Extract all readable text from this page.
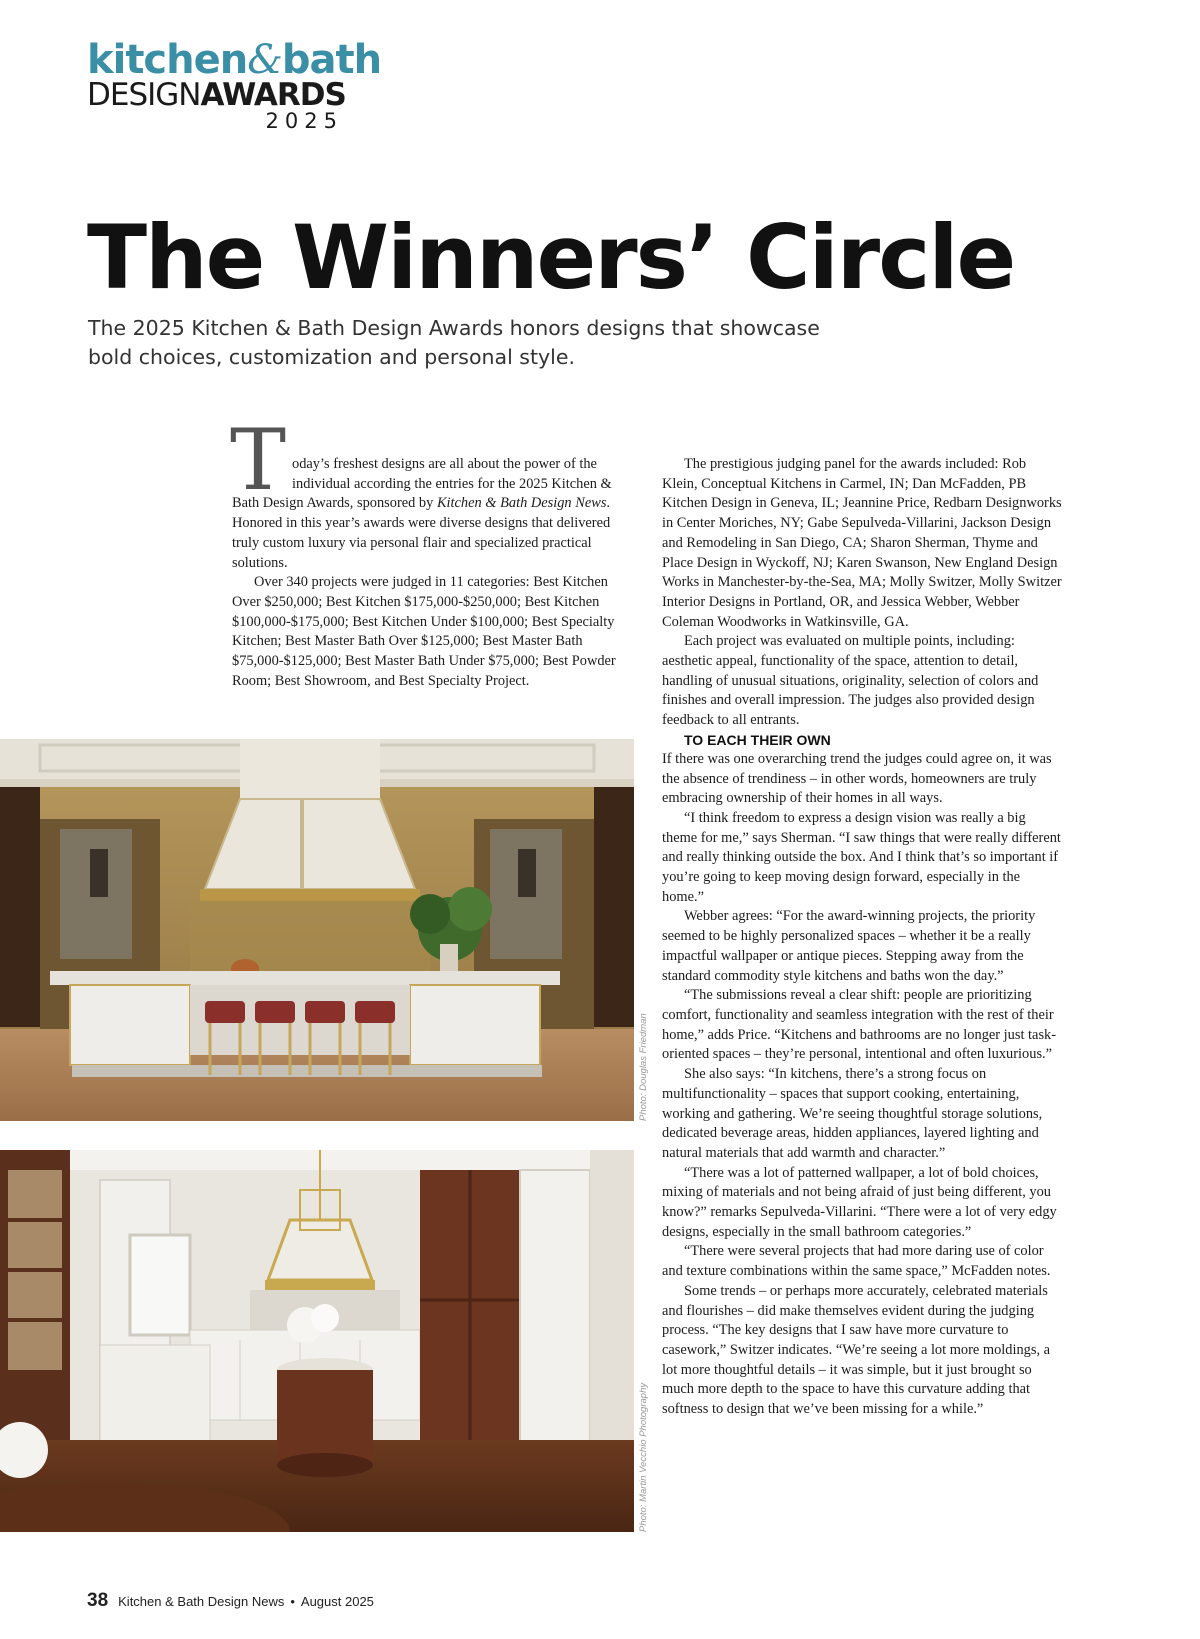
kitchen&bath
DESIGNAWARDS
2025
The Winners’ Circle

The 2025 Kitchen & Bath Design Awards honors designs that showcase bold choices, customization and personal style.

Today’s freshest designs are all about the power of the individual according the entries for the 2025 Kitchen & Bath Design Awards, sponsored by Kitchen & Bath Design News. Honored in this year’s awards were diverse designs that delivered truly custom luxury via personal flair and specialized practical solutions.

Over 340 projects were judged in 11 categories: Best Kitchen Over $250,000; Best Kitchen $175,000-$250,000; Best Kitchen $100,000-$175,000; Best Kitchen Under $100,000; Best Specialty Kitchen; Best Master Bath Over $125,000; Best Master Bath $75,000-$125,000; Best Master Bath Under $75,000; Best Powder Room; Best Showroom, and Best Specialty Project.

The prestigious judging panel for the awards included: Rob Klein, Conceptual Kitchens in Carmel, IN; Dan McFadden, PB Kitchen Design in Geneva, IL; Jeannine Price, Redbarn Designworks in Center Moriches, NY; Gabe Sepulveda-Villarini, Jackson Design and Remodeling in San Diego, CA; Sharon Sherman, Thyme and Place Design in Wyckoff, NJ; Karen Swanson, New England Design Works in Manchester-by-the-Sea, MA; Molly Switzer, Molly Switzer Interior Designs in Portland, OR, and Jessica Webber, Webber Coleman Woodworks in Watkinsville, GA.

Each project was evaluated on multiple points, including: aesthetic appeal, functionality of the space, attention to detail, handling of unusual situations, originality, selection of colors and finishes and overall impression. The judges also provided design feedback to all entrants.

TO EACH THEIR OWN

If there was one overarching trend the judges could agree on, it was the absence of trendiness – in other words, homeowners are truly embracing ownership of their homes in all ways.

“I think freedom to express a design vision was really a big theme for me,” says Sherman. “I saw things that were really different and really thinking outside the box. And I think that’s so important if you’re going to keep moving design forward, especially in the home.”

Webber agrees: “For the award-winning projects, the priority seemed to be highly personalized spaces – whether it be a really impactful wallpaper or antique pieces. Stepping away from the standard commodity style kitchens and baths won the day.”

“The submissions reveal a clear shift: people are prioritizing comfort, functionality and seamless integration with the rest of their home,” adds Price. “Kitchens and bathrooms are no longer just task-oriented spaces – they’re personal, intentional and often luxurious.”

She also says: “In kitchens, there’s a strong focus on multifunctionality – spaces that support cooking, entertaining, working and gathering. We’re seeing thoughtful storage solutions, dedicated beverage areas, hidden appliances, layered lighting and natural materials that add warmth and character.”

“There was a lot of patterned wallpaper, a lot of bold choices, mixing of materials and not being afraid of just being different, you know?” remarks Sepulveda-Villarini. “There were a lot of very edgy designs, especially in the small bathroom categories.”

“There were several projects that had more daring use of color and texture combinations within the same space,” McFadden notes.

Some trends – or perhaps more accurately, celebrated materials and flourishes – did make themselves evident during the judging process. “The key designs that I saw have more curvature to casework,” Switzer indicates. “We’re seeing a lot more moldings, a lot more thoughtful details – it was simple, but it just brought so much more depth to the space to have this curvature adding that softness to design that we’ve been missing for a while.”

Photo: Douglas Friedman
Photo: Martin Vecchio Photography
38 Kitchen & Bath Design News • August 2025
